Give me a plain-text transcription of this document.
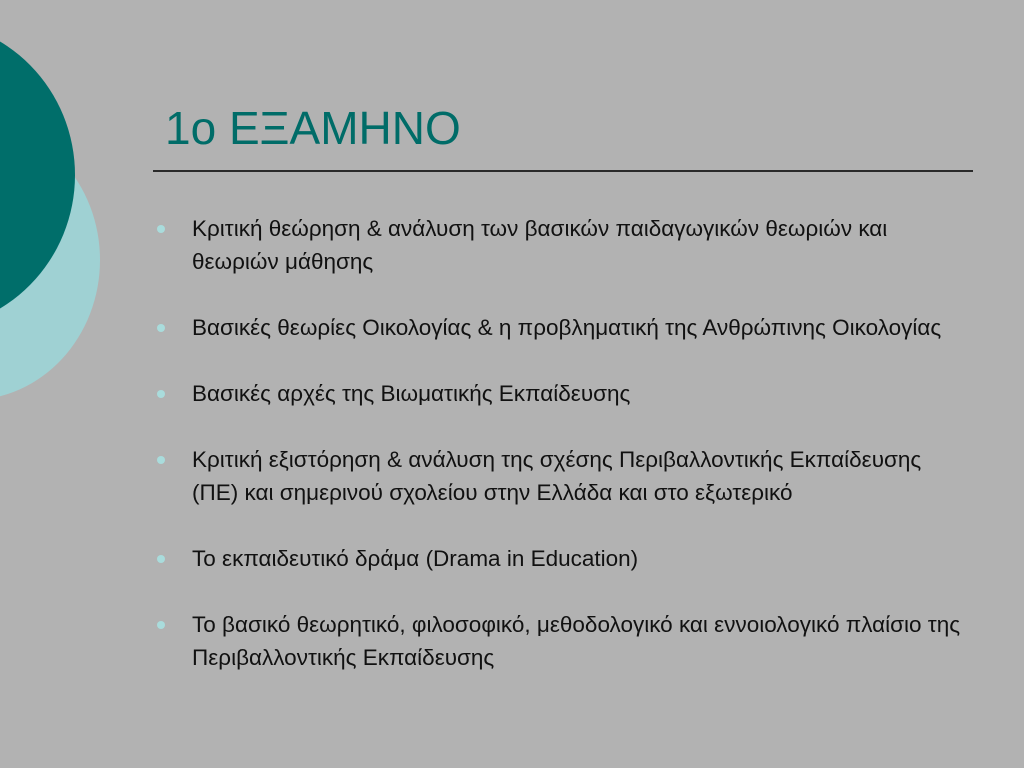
1ο ΕΞΑΜΗΝΟ
Κριτική θεώρηση & ανάλυση των βασικών παιδαγωγικών θεωριών και θεωριών μάθησης
Βασικές θεωρίες Οικολογίας & η προβληματική της Ανθρώπινης Οικολογίας
Βασικές αρχές της Βιωματικής Εκπαίδευσης
Κριτική εξιστόρηση & ανάλυση της σχέσης Περιβαλλοντικής Εκπαίδευσης (ΠΕ) και σημερινού σχολείου στην Ελλάδα και στο εξωτερικό
Το εκπαιδευτικό δράμα (Drama in Education)
Το βασικό θεωρητικό, φιλοσοφικό, μεθοδολογικό και εννοιολογικό πλαίσιο της Περιβαλλοντικής Εκπαίδευσης
